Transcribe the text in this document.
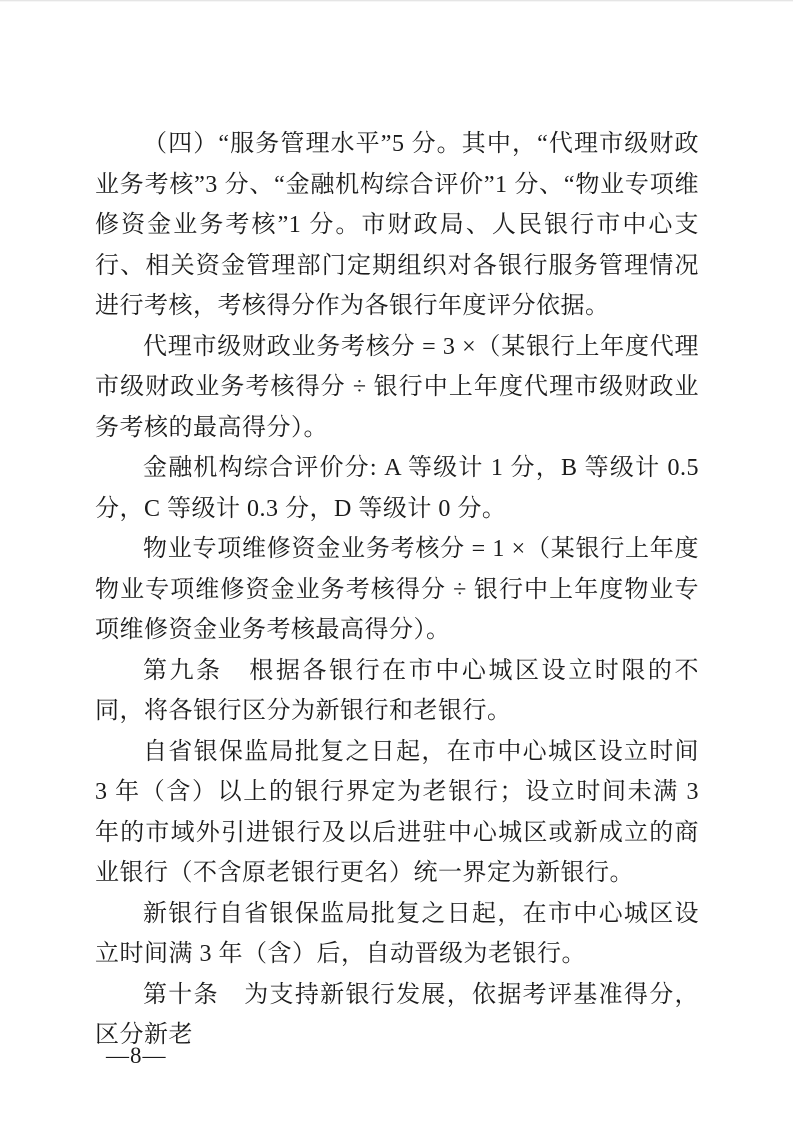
（四）“服务管理水平”5 分。其中，“代理市级财政业务考核”3 分、“金融机构综合评价”1 分、“物业专项维修资金业务考核”1 分。市财政局、人民银行市中心支行、相关资金管理部门定期组织对各银行服务管理情况进行考核，考核得分作为各银行年度评分依据。

代理市级财政业务考核分 = 3 ×（某银行上年度代理市级财政业务考核得分 ÷ 银行中上年度代理市级财政业务考核的最高得分）。

金融机构综合评价分: A 等级计 1 分，B 等级计 0.5 分，C 等级计 0.3 分，D 等级计 0 分。

物业专项维修资金业务考核分 = 1 ×（某银行上年度物业专项维修资金业务考核得分 ÷ 银行中上年度物业专项维修资金业务考核最高得分）。

第九条　根据各银行在市中心城区设立时限的不同，将各银行区分为新银行和老银行。

自省银保监局批复之日起，在市中心城区设立时间 3 年（含）以上的银行界定为老银行；设立时间未满 3 年的市域外引进银行及以后进驻中心城区或新成立的商业银行（不含原老银行更名）统一界定为新银行。

新银行自省银保监局批复之日起，在市中心城区设立时间满 3 年（含）后，自动晋级为老银行。

第十条　为支持新银行发展，依据考评基准得分，区分新老

—8—
